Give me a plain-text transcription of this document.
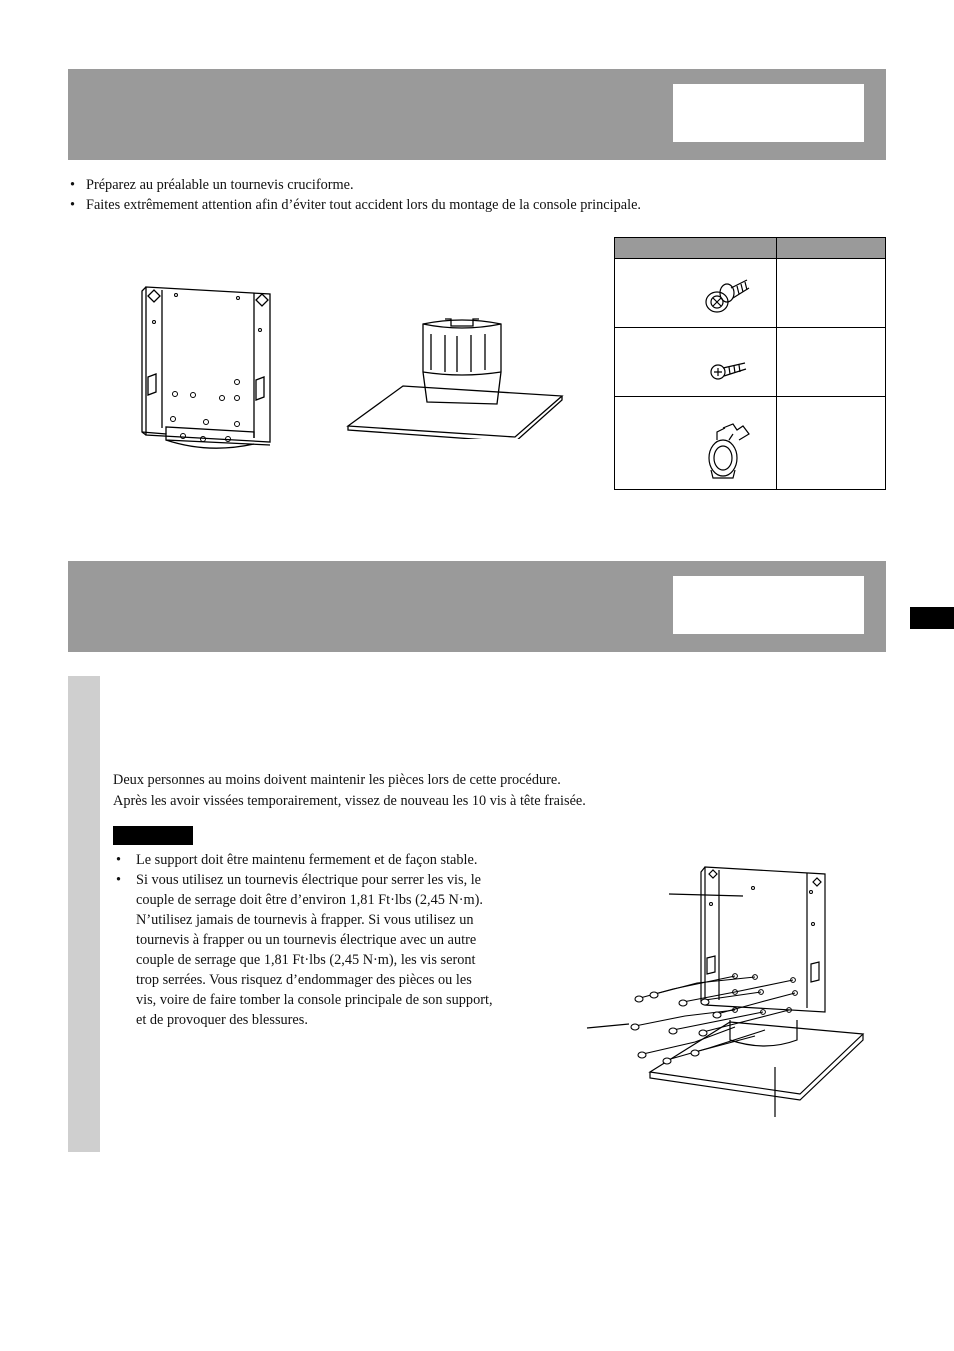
• Préparez au préalable un tournevis cruciforme.
• Faites extrêmement attention afin d’éviter tout accident lors du montage de la console principale.
Deux personnes au moins doivent maintenir les pièces lors de cette procédure.
Après les avoir vissées temporairement, vissez de nouveau les 10 vis à tête fraisée.
• Le support doit être maintenu fermement et de façon stable.
• Si vous utilisez un tournevis électrique pour serrer les vis, le couple de serrage doit être d’environ 1,81 Ft·lbs (2,45 N·m). N’utilisez jamais de tournevis à frapper. Si vous utilisez un tournevis à frapper ou un tournevis électrique avec un autre couple de serrage que 1,81 Ft·lbs (2,45 N·m), les vis seront trop serrées. Vous risquez d’endommager des pièces ou les vis, voire de faire tomber la console principale de son support, et de provoquer des blessures.
